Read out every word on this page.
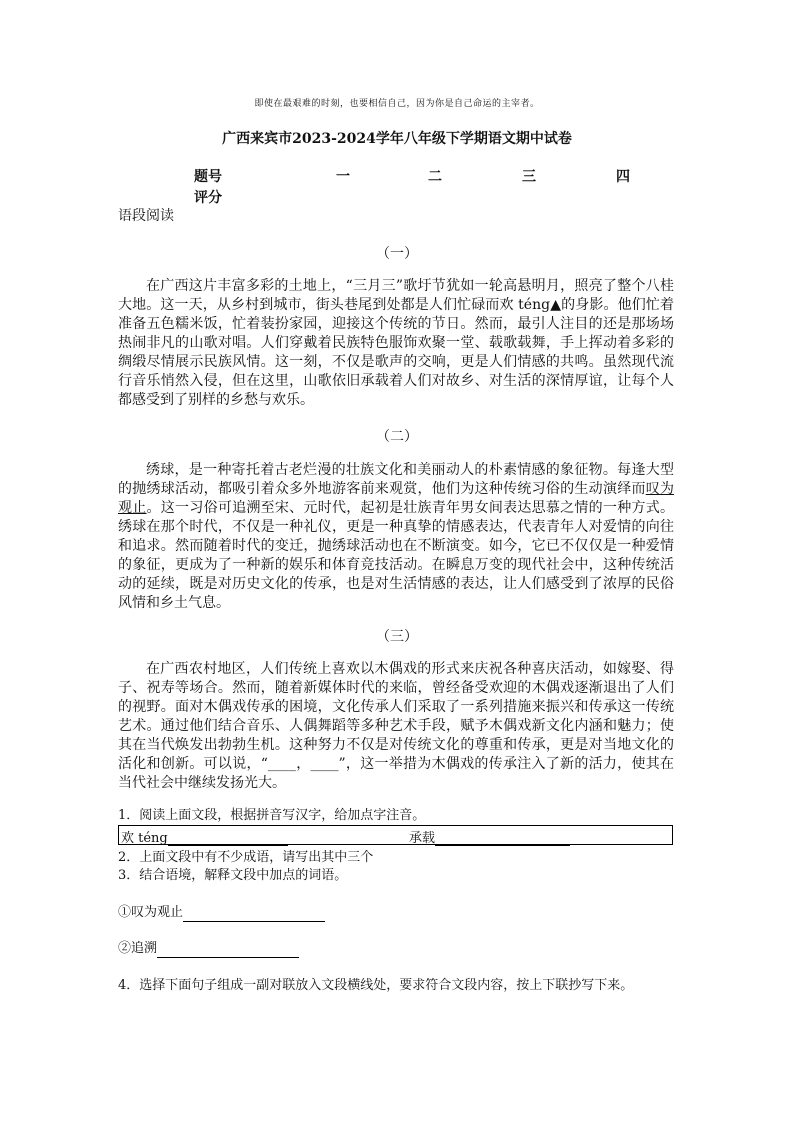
即使在最艰难的时刻，也要相信自己，因为你是自己命运的主宰者。
广西来宾市2023-2024学年八年级下学期语文期中试卷
题号	一	二	三	四
评分
语段阅读
（一）
在广西这片丰富多彩的土地上，“三月三”歌圩节犹如一轮高悬明月，照亮了整个八桂大地。这一天，从乡村到城市，街头巷尾到处都是人们忙碌而欢 téng▲的身影。他们忙着准备五色糯米饭，忙着装扮家园，迎接这个传统的节日。然而，最引人注目的还是那场场热闹非凡的山歌对唱。人们穿戴着民族特色服饰欢聚一堂、载歌载舞，手上挥动着多彩的绸缎尽情展示民族风情。这一刻，不仅是歌声的交响，更是人们情感的共鸣。虽然现代流行音乐悄然入侵，但在这里，山歌依旧承载着人们对故乡、对生活的深情厚谊，让每个人都感受到了别样的乡愁与欢乐。
（二）
绣球，是一种寄托着古老烂漫的壮族文化和美丽动人的朴素情感的象征物。每逢大型的抛绣球活动，都吸引着众多外地游客前来观赏，他们为这种传统习俗的生动演绎而叹为观止。这一习俗可追溯至宋、元时代，起初是壮族青年男女间表达思慕之情的一种方式。绣球在那个时代，不仅是一种礼仪，更是一种真挚的情感表达，代表青年人对爱情的向往和追求。然而随着时代的变迁，抛绣球活动也在不断演变。如今，它已不仅仅是一种爱情的象征，更成为了一种新的娱乐和体育竞技活动。在瞬息万变的现代社会中，这种传统活动的延续，既是对历史文化的传承，也是对生活情感的表达，让人们感受到了浓厚的民俗风情和乡土气息。
（三）
在广西农村地区，人们传统上喜欢以木偶戏的形式来庆祝各种喜庆活动，如嫁娶、得子、祝寿等场合。然而，随着新媒体时代的来临，曾经备受欢迎的木偶戏逐渐退出了人们的视野。面对木偶戏传承的困境，文化传承人们采取了一系列措施来振兴和传承这一传统艺术。通过他们结合音乐、人偶舞蹈等多种艺术手段，赋予木偶戏新文化内涵和魅力；使其在当代焕发出勃勃生机。这种努力不仅是对传统文化的尊重和传承，更是对当地文化的活化和创新。可以说，“____，____”，这一举措为木偶戏的传承注入了新的活力，使其在当代社会中继续发扬光大。
1．阅读上面文段，根据拼音写汉字，给加点字注音。
欢 téng	承载
2．上面文段中有不少成语，请写出其中三个
3．结合语境，解释文段中加点的词语。
①叹为观止
②追溯
4．选择下面句子组成一副对联放入文段横线处，要求符合文段内容，按上下联抄写下来。
